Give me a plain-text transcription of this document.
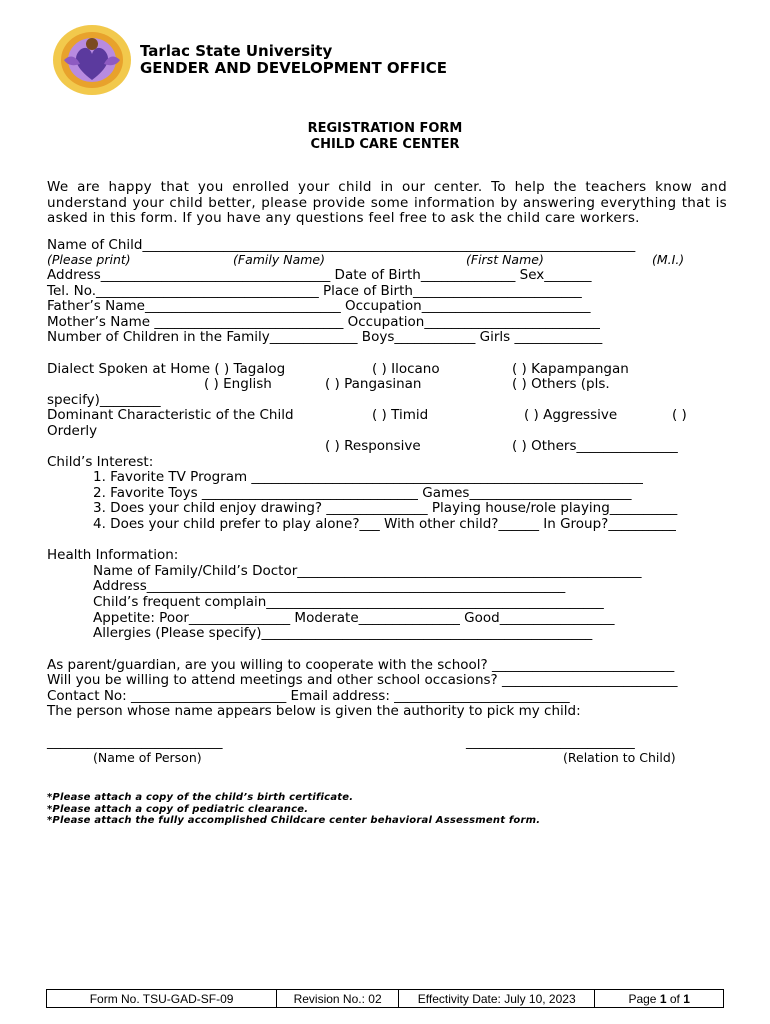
Tarlac State University
GENDER AND DEVELOPMENT OFFICE
REGISTRATION FORM
CHILD CARE CENTER
We are happy that you enrolled your child in our center. To help the teachers know and understand your child better, please provide some information by answering everything that is asked in this form. If you have any questions feel free to ask the child care workers.
Name of Child_________________________________________________________________________
(Please print)	(Family Name)	(First Name)	(M.I.)
Address__________________________________ Date of Birth______________ Sex_______
Tel. No._________________________________ Place of Birth_________________________
Father’s Name_____________________________ Occupation_________________________
Mother’s Name ____________________________ Occupation__________________________
Number of Children in the Family_____________ Boys____________ Girls _____________
Dialect Spoken at Home ( ) Tagalog	( ) Ilocano	( ) Kapampangan
( ) English	( ) Pangasinan	( ) Others (pls.
specify)_________
Dominant Characteristic of the Child	( ) Timid	( ) Aggressive	( )
Orderly
( ) Responsive	( ) Others_______________
Child’s Interest:
1. Favorite TV Program __________________________________________________________
2. Favorite Toys ________________________________ Games________________________
3. Does your child enjoy drawing? _______________ Playing house/role playing__________
4. Does your child prefer to play alone?___ With other child?______ In Group?__________
Health Information:
Name of Family/Child’s Doctor___________________________________________________
Address______________________________________________________________
Child’s frequent complain__________________________________________________
Appetite: Poor_______________ Moderate_______________ Good_________________
Allergies (Please specify)_________________________________________________
As parent/guardian, are you willing to cooperate with the school? ___________________________
Will you be willing to attend meetings and other school occasions? __________________________
Contact No: _______________________ Email address: __________________________
The person whose name appears below is given the authority to pick my child:
__________________________	_________________________
(Name of Person)	(Relation to Child)
*Please attach a copy of the child’s birth certificate.
*Please attach a copy of pediatric clearance.
*Please attach the fully accomplished Childcare center behavioral Assessment form.
Form No. TSU-GAD-SF-09	Revision No.: 02	Effectivity Date: July 10, 2023	Page 1 of 1
